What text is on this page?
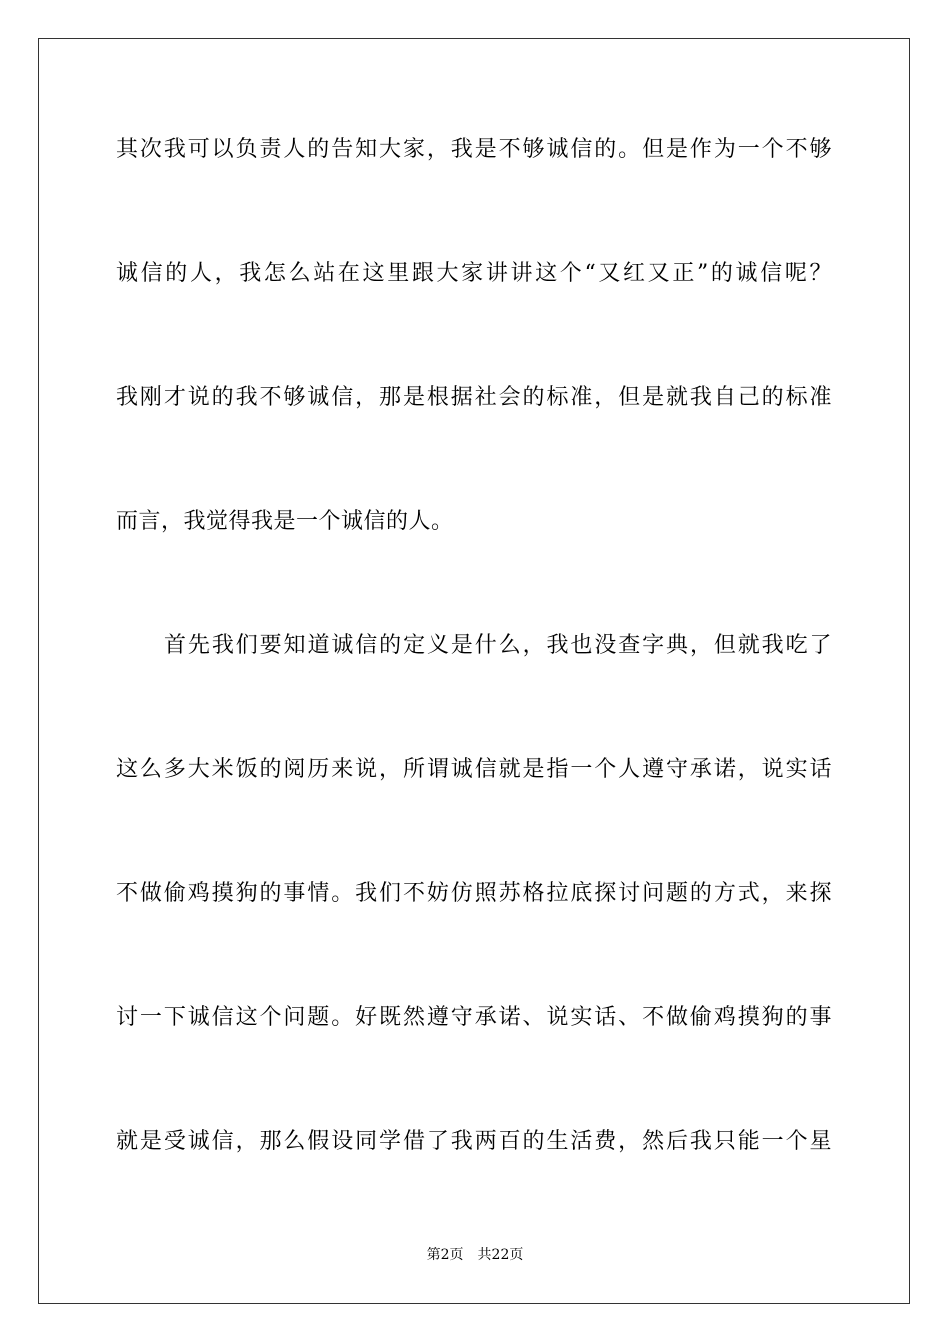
其次我可以负责人的告知大家，我是不够诚信的。但是作为一个不够
诚信的人，我怎么站在这里跟大家讲讲这个“又红又正”的诚信呢？
我刚才说的我不够诚信，那是根据社会的标准，但是就我自己的标准
而言，我觉得我是一个诚信的人。
首先我们要知道诚信的定义是什么，我也没查字典，但就我吃了
这么多大米饭的阅历来说，所谓诚信就是指一个人遵守承诺，说实话
不做偷鸡摸狗的事情。我们不妨仿照苏格拉底探讨问题的方式，来探
讨一下诚信这个问题。好既然遵守承诺、说实话、不做偷鸡摸狗的事
就是受诚信，那么假设同学借了我两百的生活费，然后我只能一个星
第2页 共22页
